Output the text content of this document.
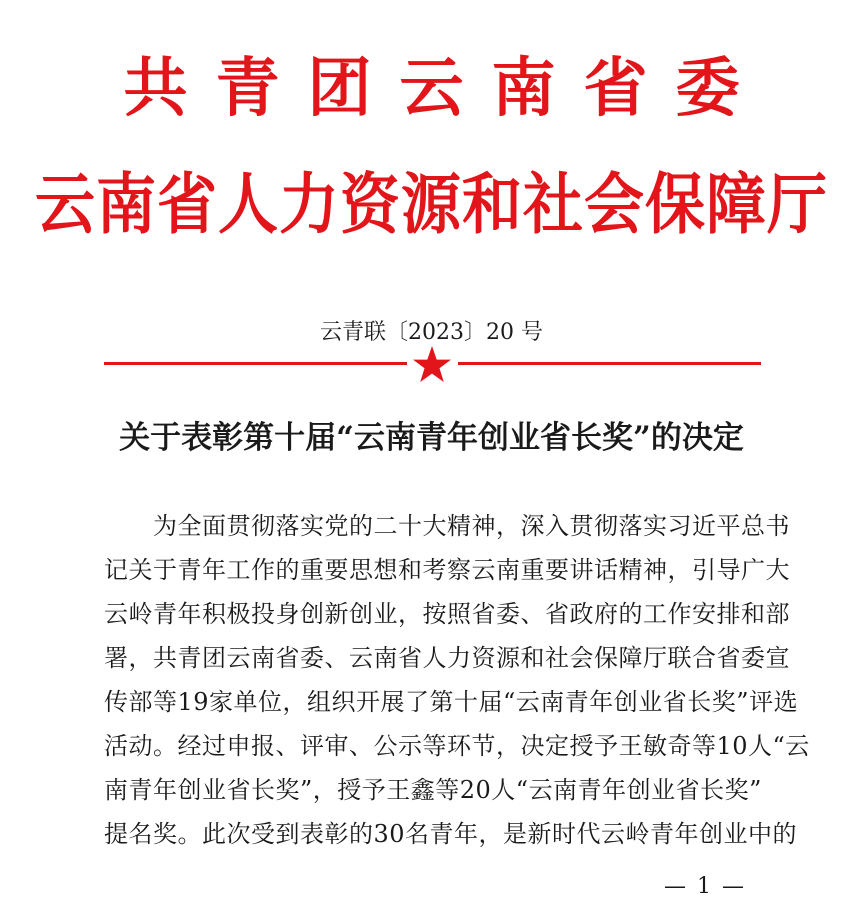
共青团云南省委
云南省人力资源和社会保障厅
云青联〔2023〕20 号
关于表彰第十届“云南青年创业省长奖”的决定
　　为全面贯彻落实党的二十大精神，深入贯彻落实习近平总书
记关于青年工作的重要思想和考察云南重要讲话精神，引导广大
云岭青年积极投身创新创业，按照省委、省政府的工作安排和部
署，共青团云南省委、云南省人力资源和社会保障厅联合省委宣
传部等19家单位，组织开展了第十届“云南青年创业省长奖”评选
活动。经过申报、评审、公示等环节，决定授予王敏奇等10人“云
南青年创业省长奖”，授予王鑫等20人“云南青年创业省长奖”
提名奖。此次受到表彰的30名青年，是新时代云岭青年创业中的
— 1 —
